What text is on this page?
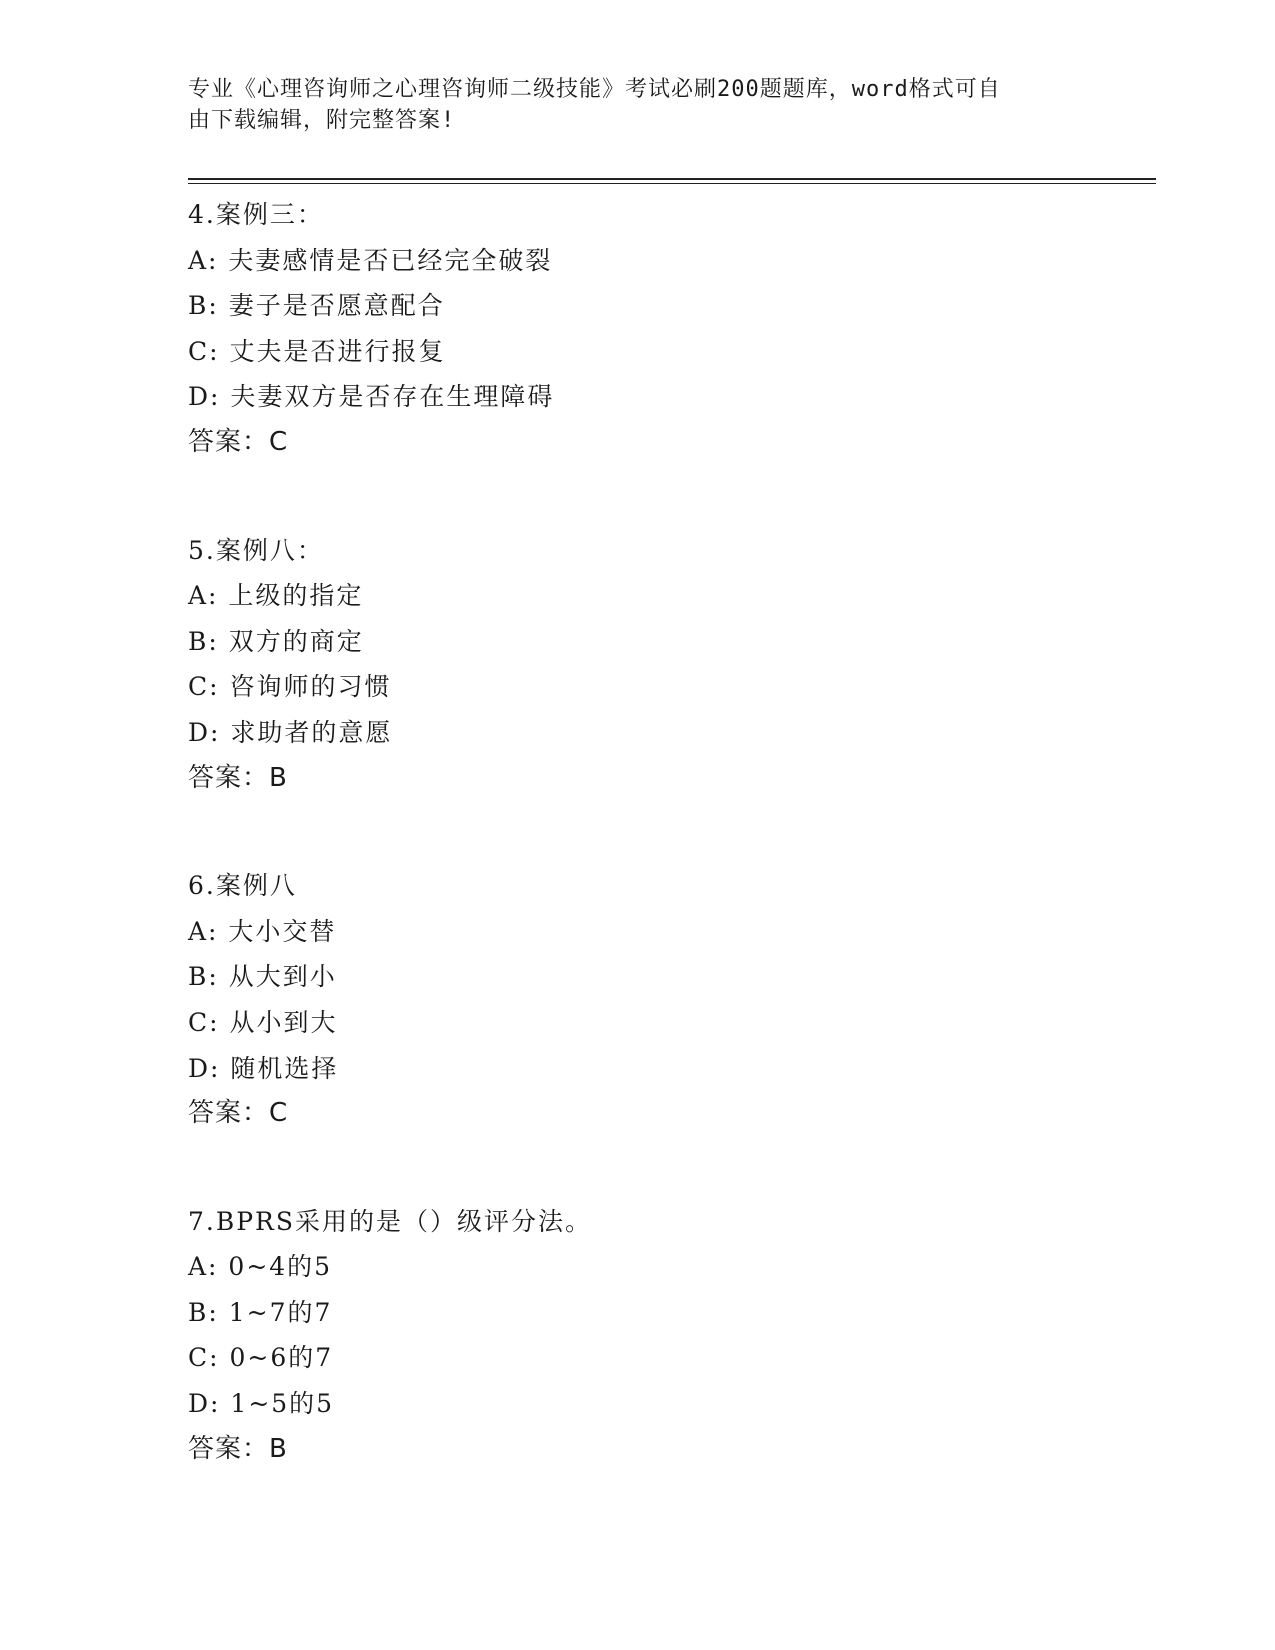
专业《心理咨询师之心理咨询师二级技能》考试必刷200题题库，word格式可自
由下载编辑，附完整答案!
4.案例三：
A: 夫妻感情是否已经完全破裂
B: 妻子是否愿意配合
C: 丈夫是否进行报复
D: 夫妻双方是否存在生理障碍
答案：C
5.案例八：
A: 上级的指定
B: 双方的商定
C: 咨询师的习惯
D: 求助者的意愿
答案：B
6.案例八
A: 大小交替
B: 从大到小
C: 从小到大
D: 随机选择
答案：C
7.BPRS采用的是（）级评分法。
A: 0~4的5
B: 1~7的7
C: 0~6的7
D: 1~5的5
答案：B
